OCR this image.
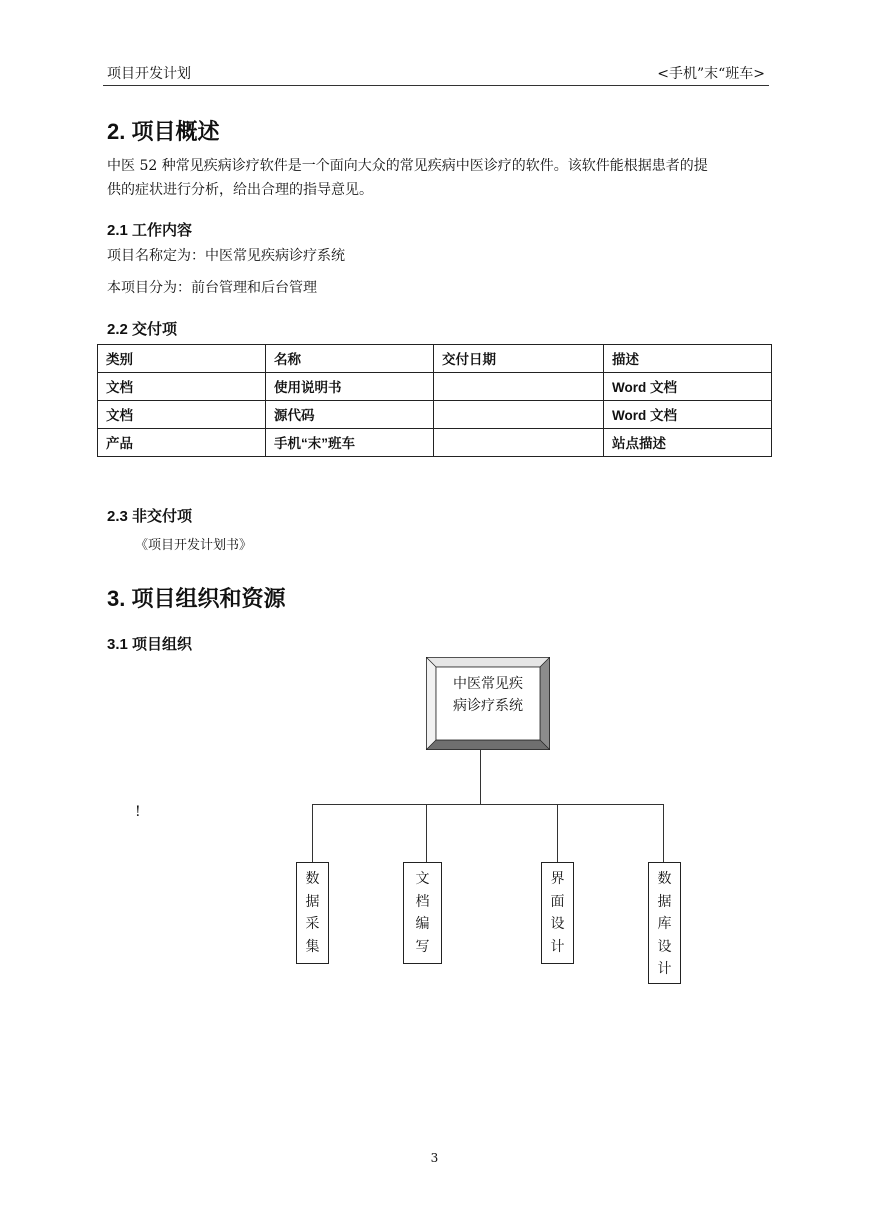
项目开发计划	<手机”末“班车>
2. 项目概述
中医 52 种常见疾病诊疗软件是一个面向大众的常见疾病中医诊疗的软件。该软件能根据患者的提
供的症状进行分析，给出合理的指导意见。
2.1 工作内容
项目名称定为：中医常见疾病诊疗系统
本项目分为：前台管理和后台管理
2.2 交付项
类别	名称	交付日期	描述
文档	使用说明书		Word 文档
文档	源代码		Word 文档
产品	手机“末”班车		站点描述
2.3 非交付项
《项目开发计划书》
3. 项目组织和资源
3.1 项目组织
!
中医常见疾
病诊疗系统
数
据
采
集
文
档
编
写
界
面
设
计
数
据
库
设
计
3
